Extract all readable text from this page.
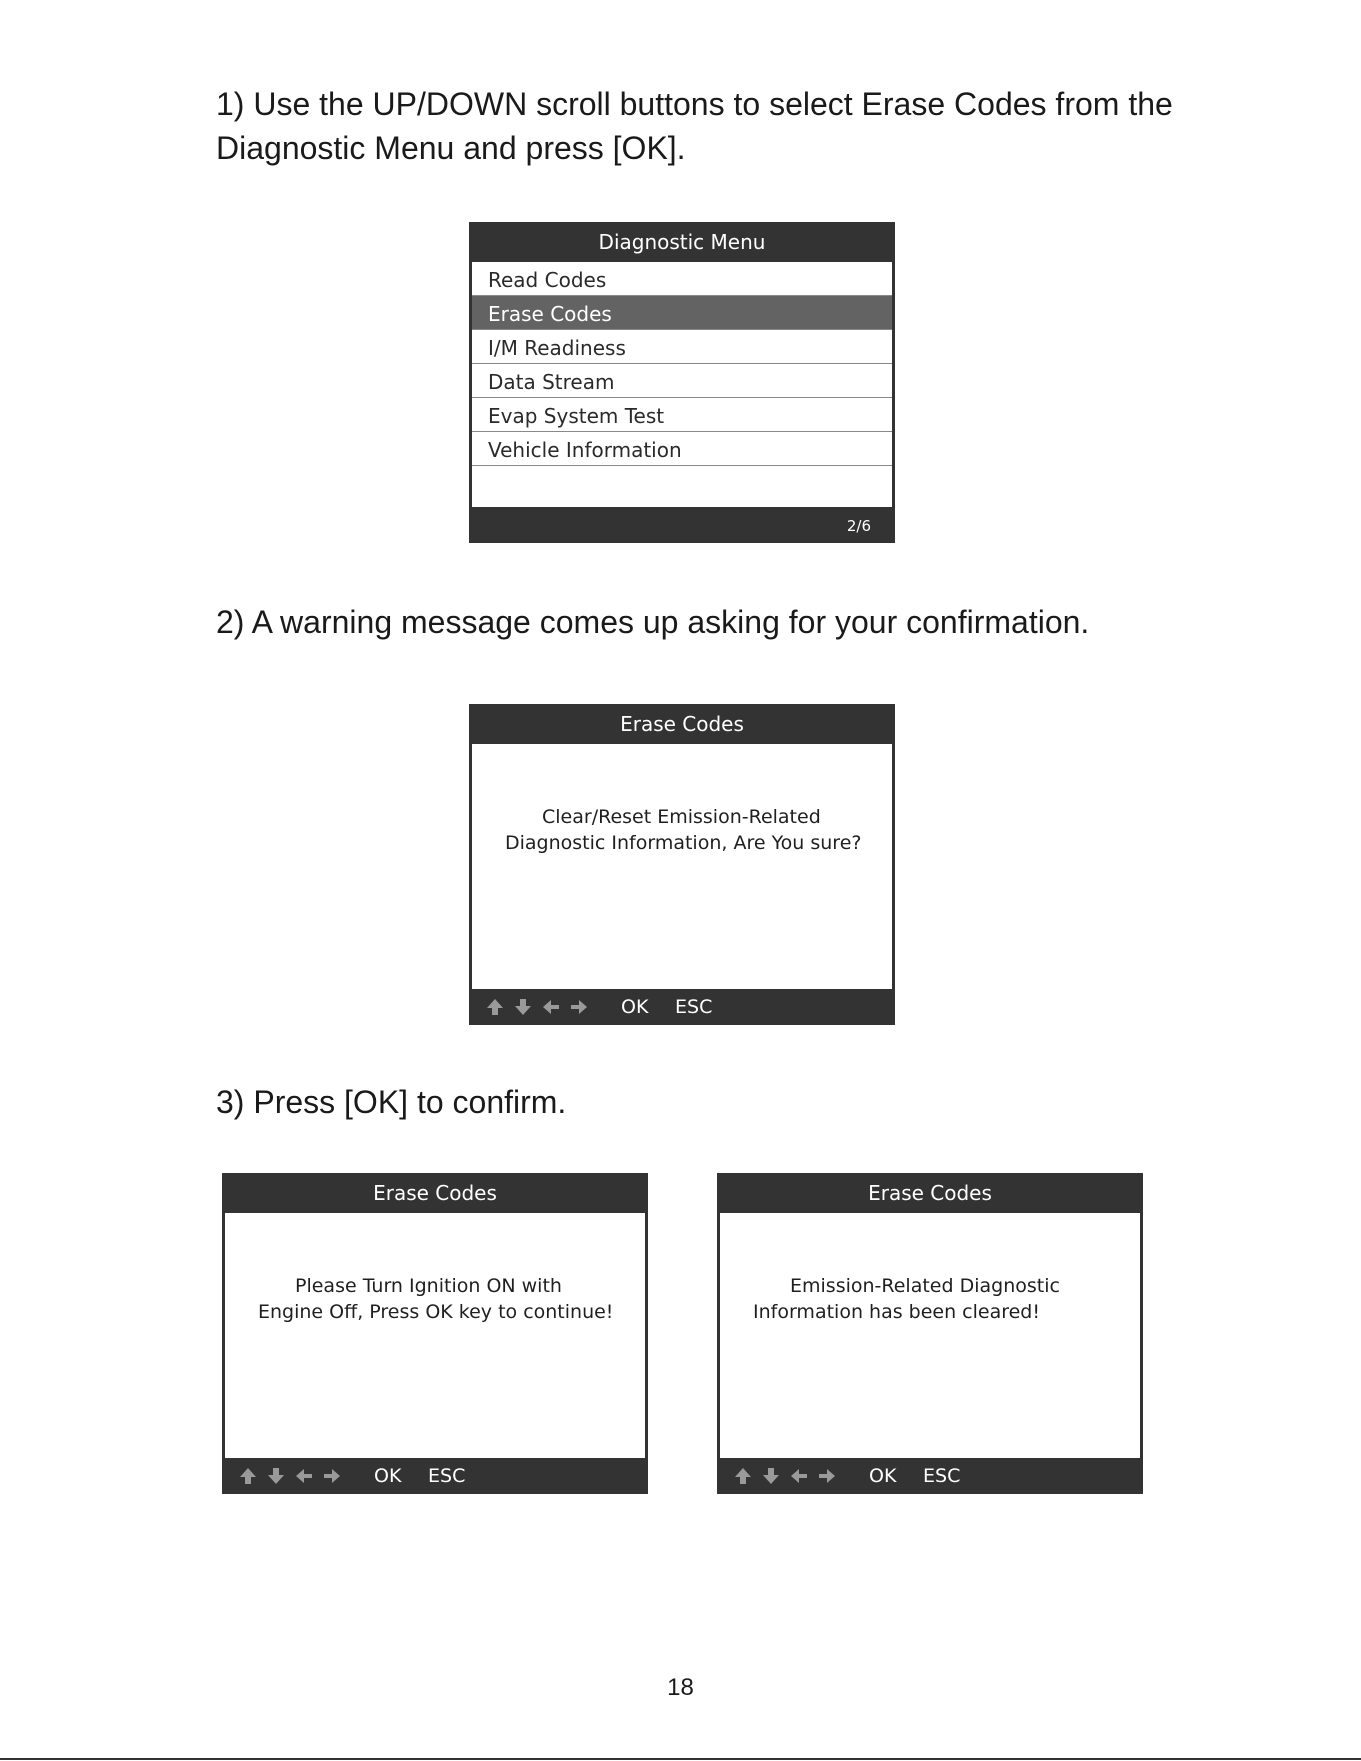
1) Use the UP/DOWN scroll buttons to select Erase Codes from the Diagnostic Menu and press [OK].

Diagnostic Menu
Read Codes
Erase Codes
I/M Readiness
Data Stream
Evap System Test
Vehicle Information
2/6

2) A warning message comes up asking for your confirmation.

Erase Codes

Clear/Reset Emission-Related Diagnostic Information, Are You sure?

OK ESC

3) Press [OK] to confirm.

Erase Codes

Please Turn Ignition ON with Engine Off, Press OK key to continue!

OK ESC
Erase Codes

Emission-Related Diagnostic Information has been cleared!

OK ESC
18
